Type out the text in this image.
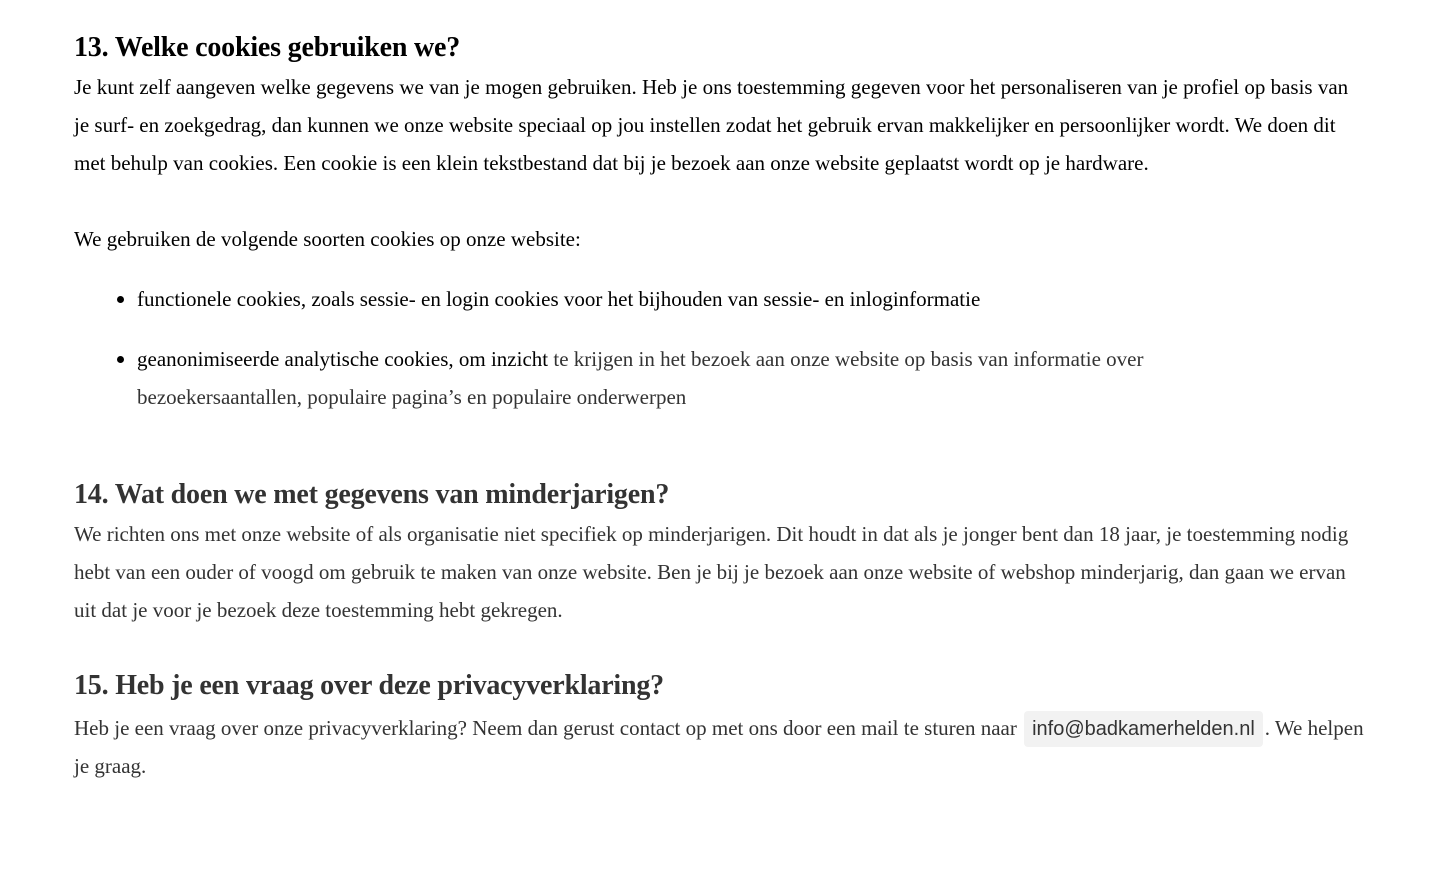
13. Welke cookies gebruiken we?

Je kunt zelf aangeven welke gegevens we van je mogen gebruiken. Heb je ons toestemming gegeven voor het personaliseren van je profiel op basis van je surf- en zoekgedrag, dan kunnen we onze website speciaal op jou instellen zodat het gebruik ervan makkelijker en persoonlijker wordt. We doen dit met behulp van cookies. Een cookie is een klein tekstbestand dat bij je bezoek aan onze website geplaatst wordt op je hardware.

We gebruiken de volgende soorten cookies op onze website:

functionele cookies, zoals sessie- en login cookies voor het bijhouden van sessie- en inloginformatie
geanonimiseerde analytische cookies, om inzicht te krijgen in het bezoek aan onze website op basis van informatie over bezoekersaantallen, populaire pagina’s en populaire onderwerpen
14. Wat doen we met gegevens van minderjarigen?

We richten ons met onze website of als organisatie niet specifiek op minderjarigen. Dit houdt in dat als je jonger bent dan 18 jaar, je toestemming nodig hebt van een ouder of voogd om gebruik te maken van onze website. Ben je bij je bezoek aan onze website of webshop minderjarig, dan gaan we ervan uit dat je voor je bezoek deze toestemming hebt gekregen.

15. Heb je een vraag over deze privacyverklaring?

Heb je een vraag over onze privacyverklaring? Neem dan gerust contact op met ons door een mail te sturen naar info@badkamerhelden.nl . We helpen je graag.
